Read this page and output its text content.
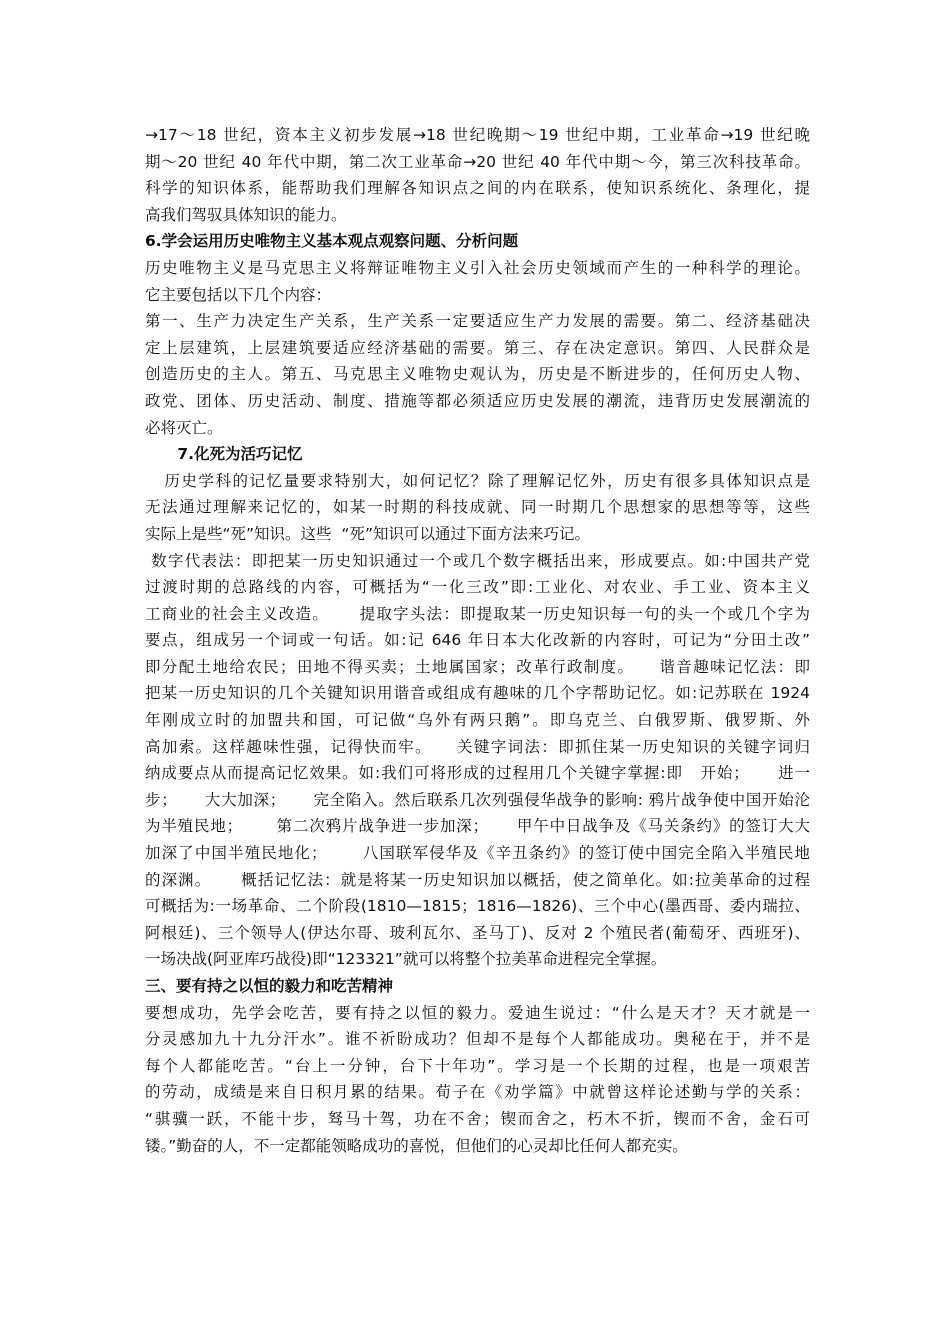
→17～18 世纪，资本主义初步发展→18 世纪晚期～19 世纪中期，工业革命→19 世纪晚
期～20 世纪 40 年代中期，第二次工业革命→20 世纪 40 年代中期～今，第三次科技革命。
科学的知识体系，能帮助我们理解各知识点之间的内在联系，使知识系统化、条理化，提
高我们驾驭具体知识的能力。
6.学会运用历史唯物主义基本观点观察问题、分析问题
历史唯物主义是马克思主义将辩证唯物主义引入社会历史领域而产生的一种科学的理论。
它主要包括以下几个内容：
第一、生产力决定生产关系，生产关系一定要适应生产力发展的需要。第二、经济基础决
定上层建筑，上层建筑要适应经济基础的需要。第三、存在决定意识。第四、人民群众是
创造历史的主人。第五、马克思主义唯物史观认为，历史是不断进步的，任何历史人物、
政党、团体、历史活动、制度、措施等都必须适应历史发展的潮流，违背历史发展潮流的
必将灭亡。
7.化死为活巧记忆
历史学科的记忆量要求特别大，如何记忆？除了理解记忆外，历史有很多具体知识点是
无法通过理解来记忆的，如某一时期的科技成就、同一时期几个思想家的思想等等，这些
实际上是些“死”知识。这些  “死”知识可以通过下面方法来巧记。
数字代表法：即把某一历史知识通过一个或几个数字概括出来，形成要点。如:中国共产党
过渡时期的总路线的内容，可概括为“一化三改”即:工业化、对农业、手工业、资本主义
工商业的社会主义改造。     提取字头法：即提取某一历史知识每一句的头一个或几个字为
要点，组成另一个词或一句话。如:记 646 年日本大化改新的内容时，可记为“分田土改”
即分配土地给农民；田地不得买卖；土地属国家；改革行政制度。    谐音趣味记忆法：即
把某一历史知识的几个关键知识用谐音或组成有趣味的几个字帮助记忆。如:记苏联在 1924
年刚成立时的加盟共和国，可记做“乌外有两只鹅”。即乌克兰、白俄罗斯、俄罗斯、外
高加索。这样趣味性强，记得快而牢。    关键字词法：即抓住某一历史知识的关键字词归
纳成要点从而提高记忆效果。如:我们可将形成的过程用几个关键字掌握:即   开始；     进一
步；     大大加深；     完全陷入。然后联系几次列强侵华战争的影响: 鸦片战争使中国开始沦
为半殖民地；      第二次鸦片战争进一步加深；     甲午中日战争及《马关条约》的签订大大
加深了中国半殖民地化；      八国联军侵华及《辛丑条约》的签订使中国完全陷入半殖民地
的深渊。     概括记忆法：就是将某一历史知识加以概括，使之简单化。如:拉美革命的过程
可概括为:一场革命、二个阶段(1810—1815；1816—1826)、三个中心(墨西哥、委内瑞拉、
阿根廷)、三个领导人(伊达尔哥、玻利瓦尔、圣马丁)、反对 2 个殖民者(葡萄牙、西班牙)、
一场决战(阿亚库巧战役)即“123321”就可以将整个拉美革命进程完全掌握。
三、要有持之以恒的毅力和吃苦精神
要想成功，先学会吃苦，要有持之以恒的毅力。爱迪生说过：“什么是天才？天才就是一
分灵感加九十九分汗水”。谁不祈盼成功？但却不是每个人都能成功。奥秘在于，并不是
每个人都能吃苦。“台上一分钟，台下十年功”。学习是一个长期的过程，也是一项艰苦
的劳动，成绩是来自日积月累的结果。荀子在《劝学篇》中就曾这样论述勤与学的关系：
“骐骥一跃，不能十步，驽马十驾，功在不舍；锲而舍之，朽木不折，锲而不舍，金石可
镂。”勤奋的人，不一定都能领略成功的喜悦，但他们的心灵却比任何人都充实。
